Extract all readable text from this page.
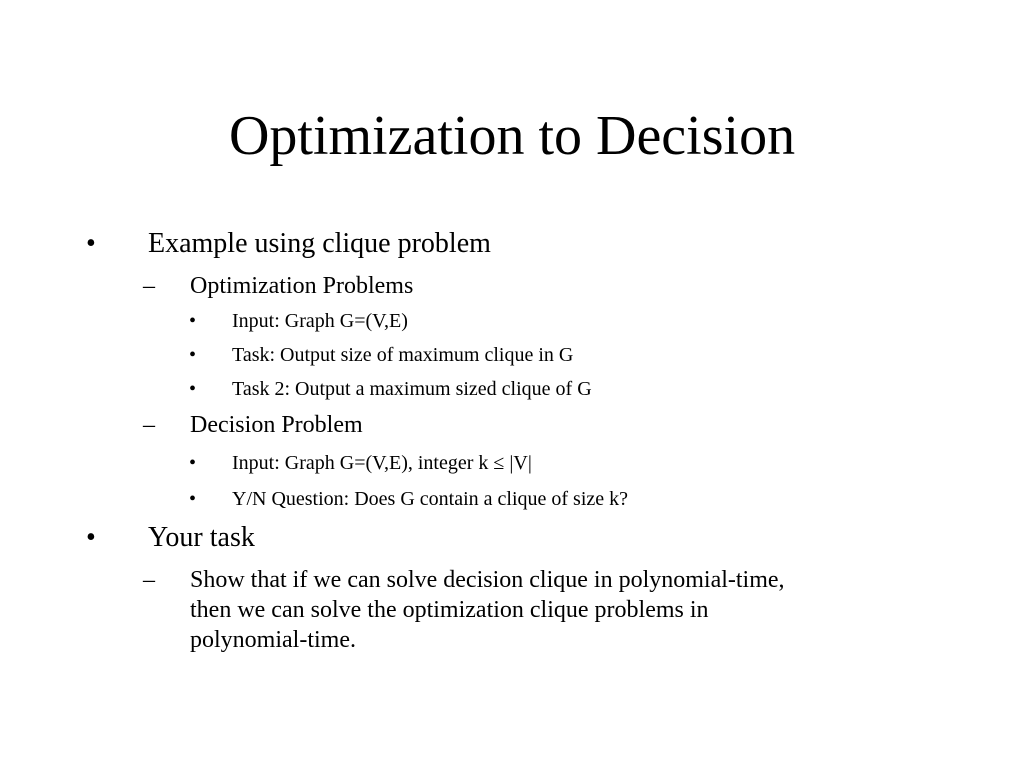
Optimization to Decision
• Example using clique problem
– Optimization Problems
• Input: Graph G=(V,E)
• Task: Output size of maximum clique in G
• Task 2: Output a maximum sized clique of G
– Decision Problem
• Input: Graph G=(V,E), integer k ≤ |V|
• Y/N Question: Does G contain a clique of size k?
• Your task
– Show that if we can solve decision clique in polynomial-time,
then we can solve the optimization clique problems in
polynomial-time.
